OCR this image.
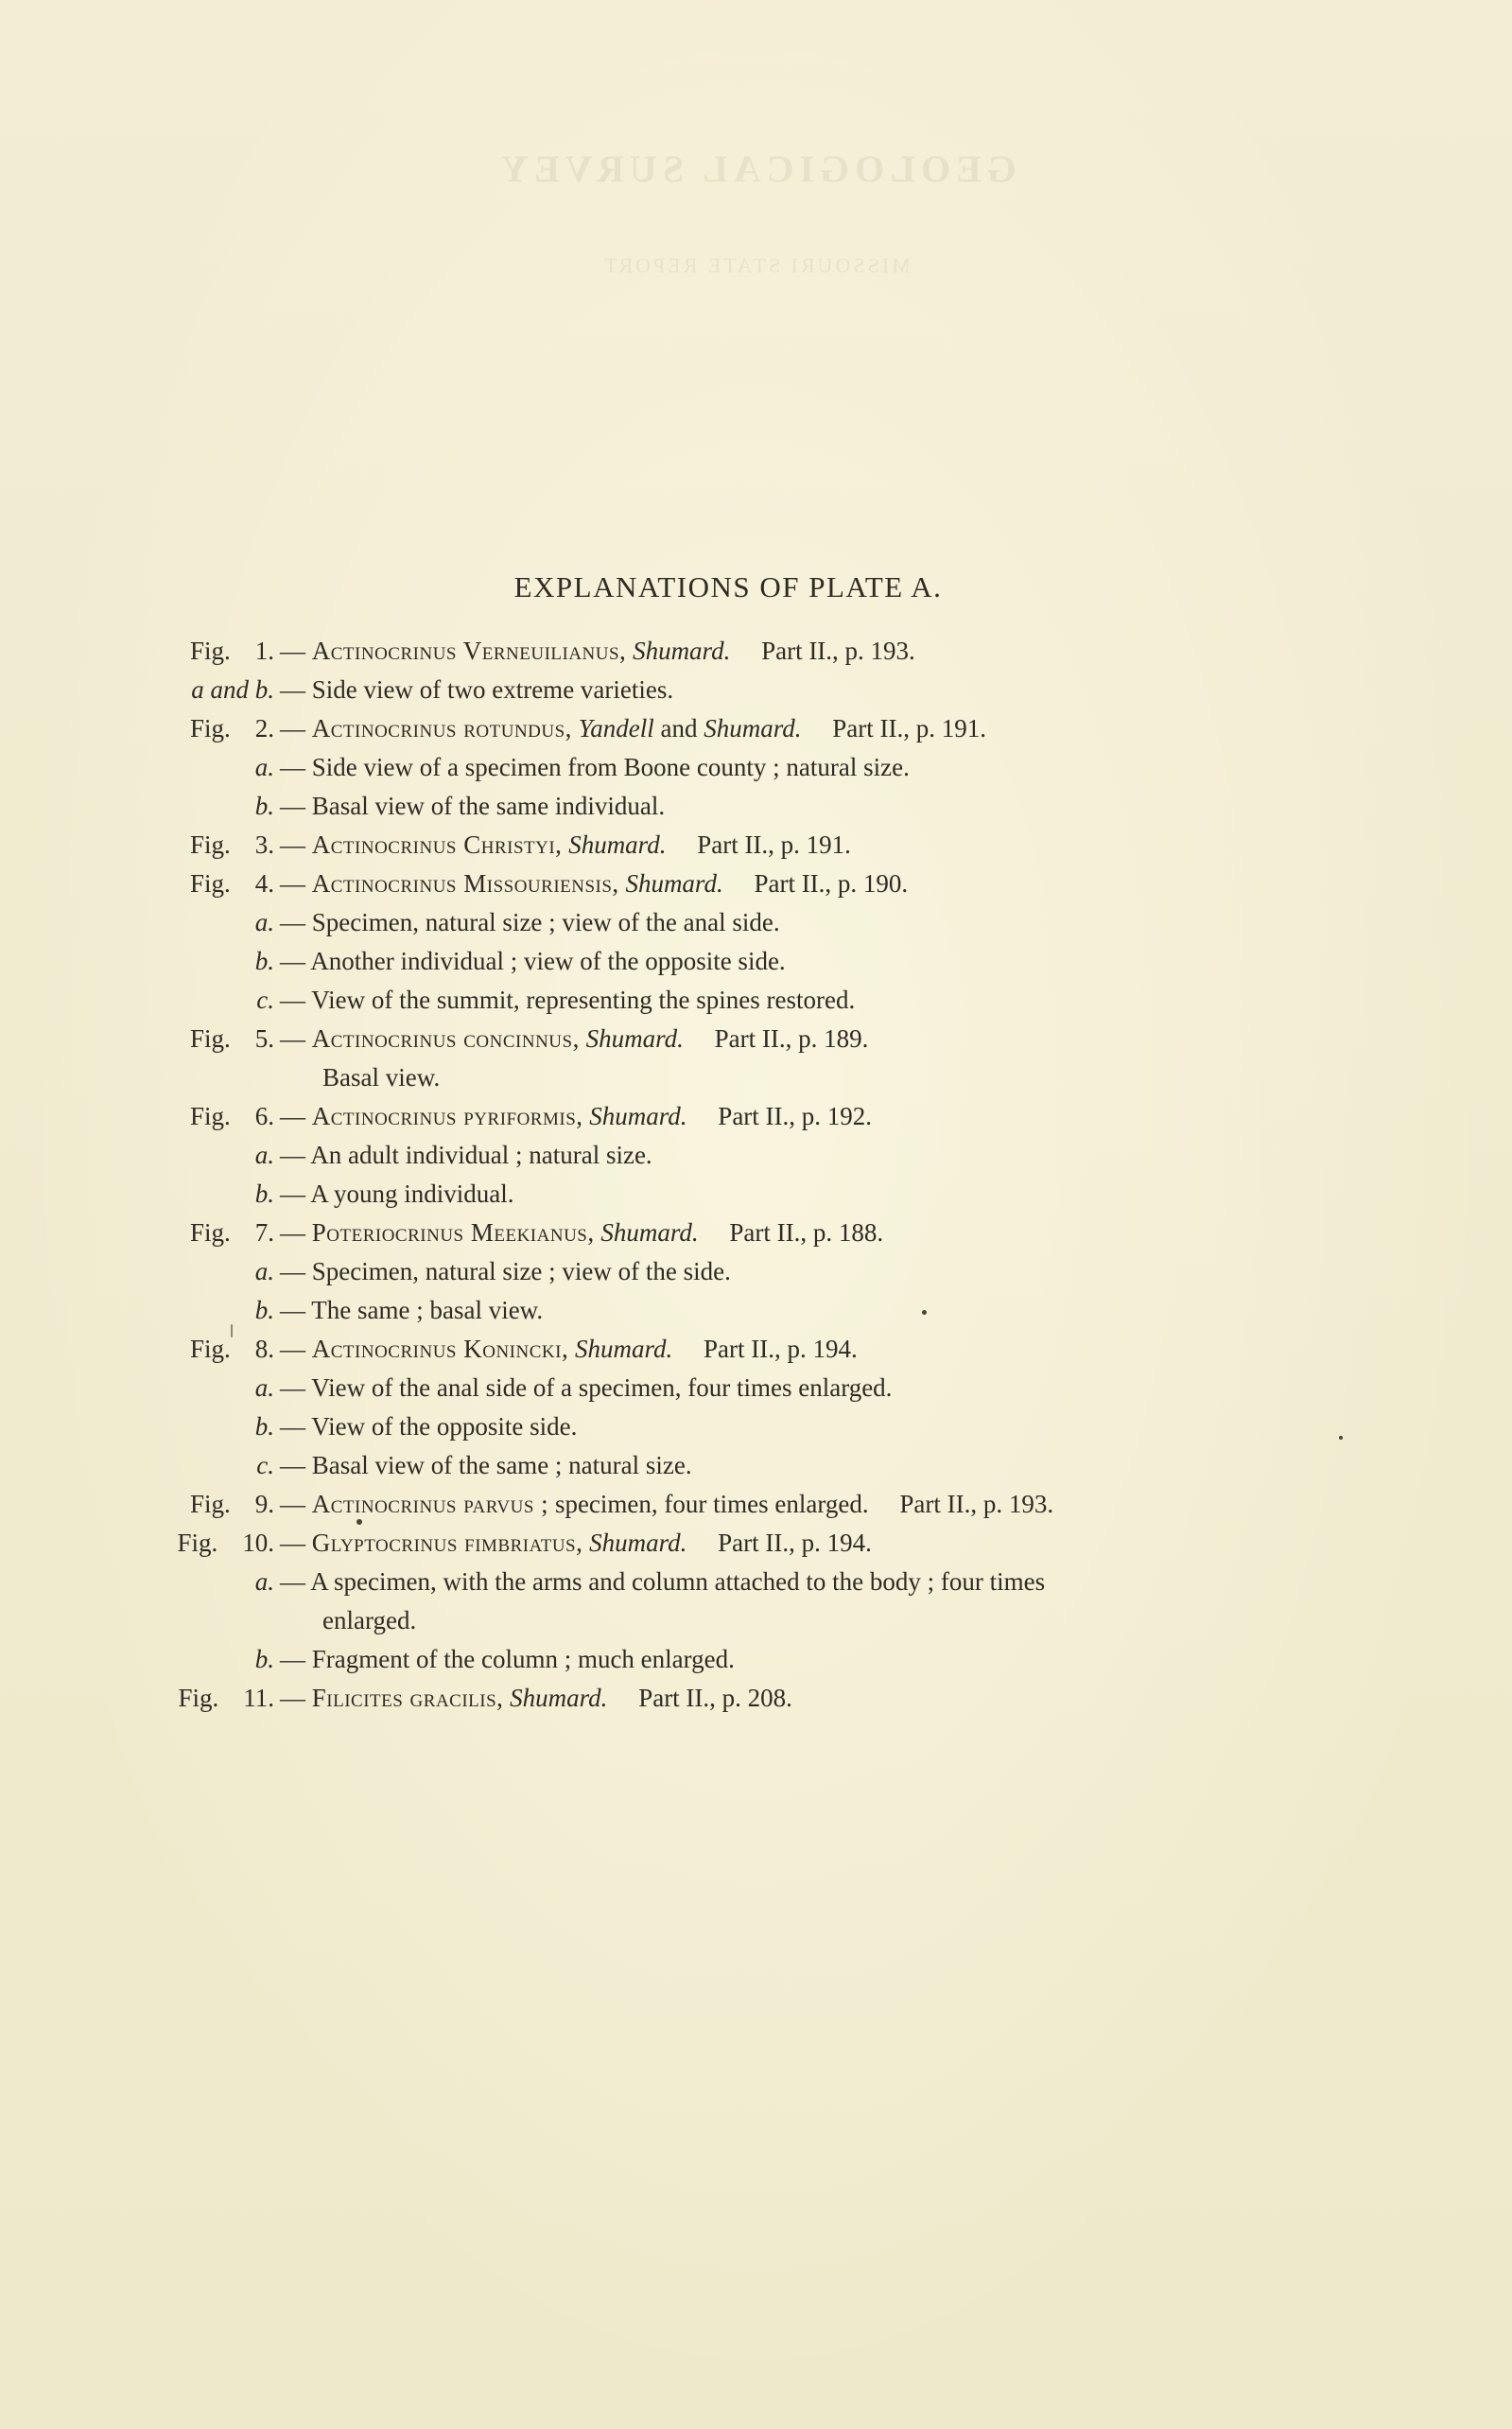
GEOLOGICAL SURVEY
MISSOURI STATE REPORT
EXPLANATIONS OF PLATE A.
Fig. 1. — Actinocrinus Verneuilianus, Shumard. Part II., p. 193.
a and b. — Side view of two extreme varieties.
Fig. 2. — Actinocrinus rotundus, Yandell and Shumard. Part II., p. 191.
a. — Side view of a specimen from Boone county ; natural size.
b. — Basal view of the same individual.
Fig. 3. — Actinocrinus Christyi, Shumard. Part II., p. 191.
Fig. 4. — Actinocrinus Missouriensis, Shumard. Part II., p. 190.
a. — Specimen, natural size ; view of the anal side.
b. — Another individual ; view of the opposite side.
c. — View of the summit, representing the spines restored.
Fig. 5. — Actinocrinus concinnus, Shumard. Part II., p. 189.
Basal view.
Fig. 6. — Actinocrinus pyriformis, Shumard. Part II., p. 192.
a. — An adult individual ; natural size.
b. — A young individual.
Fig. 7. — Poteriocrinus Meekianus, Shumard. Part II., p. 188.
a. — Specimen, natural size ; view of the side.
b. — The same ; basal view.
Fig. 8. — Actinocrinus Konincki, Shumard. Part II., p. 194.
a. — View of the anal side of a specimen, four times enlarged.
b. — View of the opposite side.
c. — Basal view of the same ; natural size.
Fig. 9. — Actinocrinus parvus ; specimen, four times enlarged. Part II., p. 193.
Fig. 10. — Glyptocrinus fimbriatus, Shumard. Part II., p. 194.
a. — A specimen, with the arms and column attached to the body ; four times
enlarged.
b. — Fragment of the column ; much enlarged.
Fig. 11. — Filicites gracilis, Shumard. Part II., p. 208.
